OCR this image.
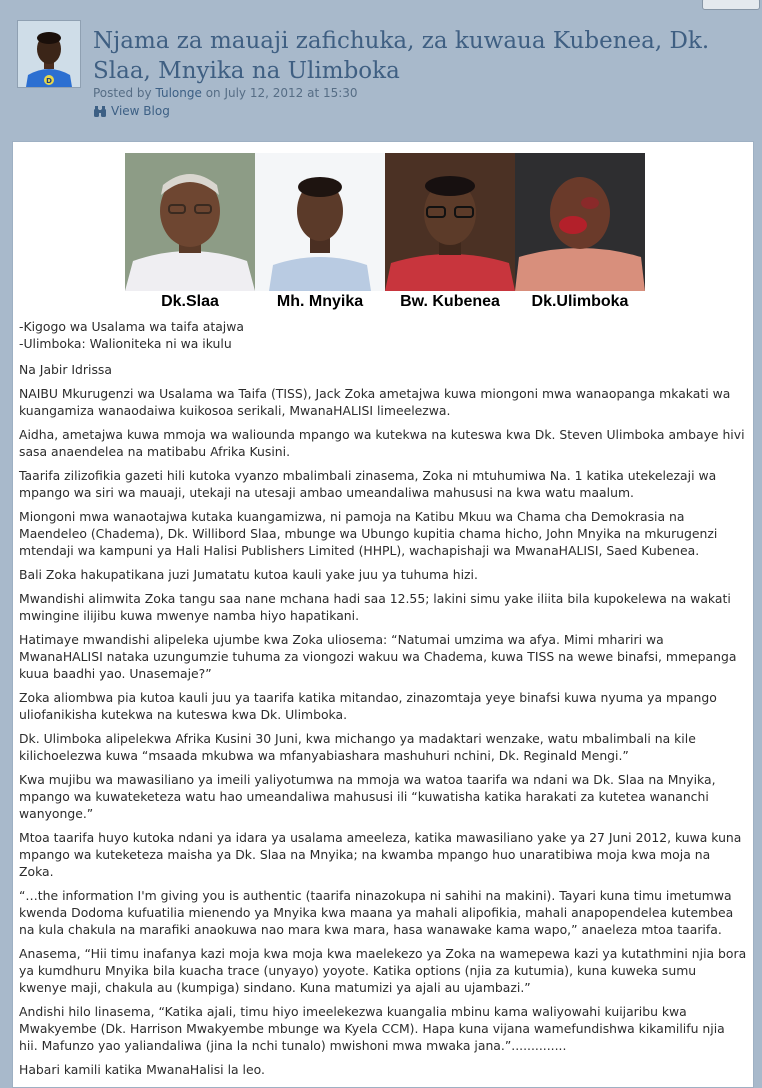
D
Njama za mauaji zafichuka, za kuwaua Kubenea, Dk. Slaa, Mnyika na Ulimboka
Posted by Tulonge on July 12, 2012 at 15:30
View Blog
Dk.Slaa	Mh. Mnyika	Bw. Kubenea	Dk.Ulimboka

-Kigogo wa Usalama wa taifa atajwa
-Ulimboka: Walioniteka ni wa ikulu

Na Jabir Idrissa

NAIBU Mkurugenzi wa Usalama wa Taifa (TISS), Jack Zoka ametajwa kuwa miongoni mwa wanaopanga mkakati wa kuangamiza wanaodaiwa kuikosoa serikali, MwanaHALISI limeelezwa.

Aidha, ametajwa kuwa mmoja wa waliounda mpango wa kutekwa na kuteswa kwa Dk. Steven Ulimboka ambaye hivi sasa anaendelea na matibabu Afrika Kusini.

Taarifa zilizofikia gazeti hili kutoka vyanzo mbalimbali zinasema, Zoka ni mtuhumiwa Na. 1 katika utekelezaji wa mpango wa siri wa mauaji, utekaji na utesaji ambao umeandaliwa mahususi na kwa watu maalum.

Miongoni mwa wanaotajwa kutaka kuangamizwa, ni pamoja na Katibu Mkuu wa Chama cha Demokrasia na Maendeleo (Chadema), Dk. Willibord Slaa, mbunge wa Ubungo kupitia chama hicho, John Mnyika na mkurugenzi mtendaji wa kampuni ya Hali Halisi Publishers Limited (HHPL), wachapishaji wa MwanaHALISI, Saed Kubenea.

Bali Zoka hakupatikana juzi Jumatatu kutoa kauli yake juu ya tuhuma hizi.

Mwandishi alimwita Zoka tangu saa nane mchana hadi saa 12.55; lakini simu yake iliita bila kupokelewa na wakati mwingine ilijibu kuwa mwenye namba hiyo hapatikani.

Hatimaye mwandishi alipeleka ujumbe kwa Zoka uliosema: “Natumai umzima wa afya. Mimi mhariri wa MwanaHALISI nataka uzungumzie tuhuma za viongozi wakuu wa Chadema, kuwa TISS na wewe binafsi, mmepanga kuua baadhi yao. Unasemaje?”

Zoka aliombwa pia kutoa kauli juu ya taarifa katika mitandao, zinazomtaja yeye binafsi kuwa nyuma ya mpango uliofanikisha kutekwa na kuteswa kwa Dk. Ulimboka.

Dk. Ulimboka alipelekwa Afrika Kusini 30 Juni, kwa michango ya madaktari wenzake, watu mbalimbali na kile kilichoelezwa kuwa “msaada mkubwa wa mfanyabiashara mashuhuri nchini, Dk. Reginald Mengi.”

Kwa mujibu wa mawasiliano ya imeili yaliyotumwa na mmoja wa watoa taarifa wa ndani wa Dk. Slaa na Mnyika, mpango wa kuwateketeza watu hao umeandaliwa mahususi ili “kuwatisha katika harakati za kutetea wananchi wanyonge.”

Mtoa taarifa huyo kutoka ndani ya idara ya usalama ameeleza, katika mawasiliano yake ya 27 Juni 2012, kuwa kuna mpango wa kuteketeza maisha ya Dk. Slaa na Mnyika; na kwamba mpango huo unaratibiwa moja kwa moja na Zoka.

“…the information I'm giving you is authentic (taarifa ninazokupa ni sahihi na makini). Tayari kuna timu imetumwa kwenda Dodoma kufuatilia mienendo ya Mnyika kwa maana ya mahali alipofikia, mahali anapopendelea kutembea na kula chakula na marafiki anaokuwa nao mara kwa mara, hasa wanawake kama wapo,” anaeleza mtoa taarifa.

Anasema, “Hii timu inafanya kazi moja kwa moja kwa maelekezo ya Zoka na wamepewa kazi ya kutathmini njia bora ya kumdhuru Mnyika bila kuacha trace (unyayo) yoyote. Katika options (njia za kutumia), kuna kuweka sumu kwenye maji, chakula au (kumpiga) sindano. Kuna matumizi ya ajali au ujambazi.”

Andishi hilo linasema, “Katika ajali, timu hiyo imeelekezwa kuangalia mbinu kama waliyowahi kuijaribu kwa Mwakyembe (Dk. Harrison Mwakyembe mbunge wa Kyela CCM). Hapa kuna vijana wamefundishwa kikamilifu njia hii. Mafunzo yao yaliandaliwa (jina la nchi tunalo) mwishoni mwa mwaka jana.”..............

Habari kamili katika MwanaHalisi la leo.
